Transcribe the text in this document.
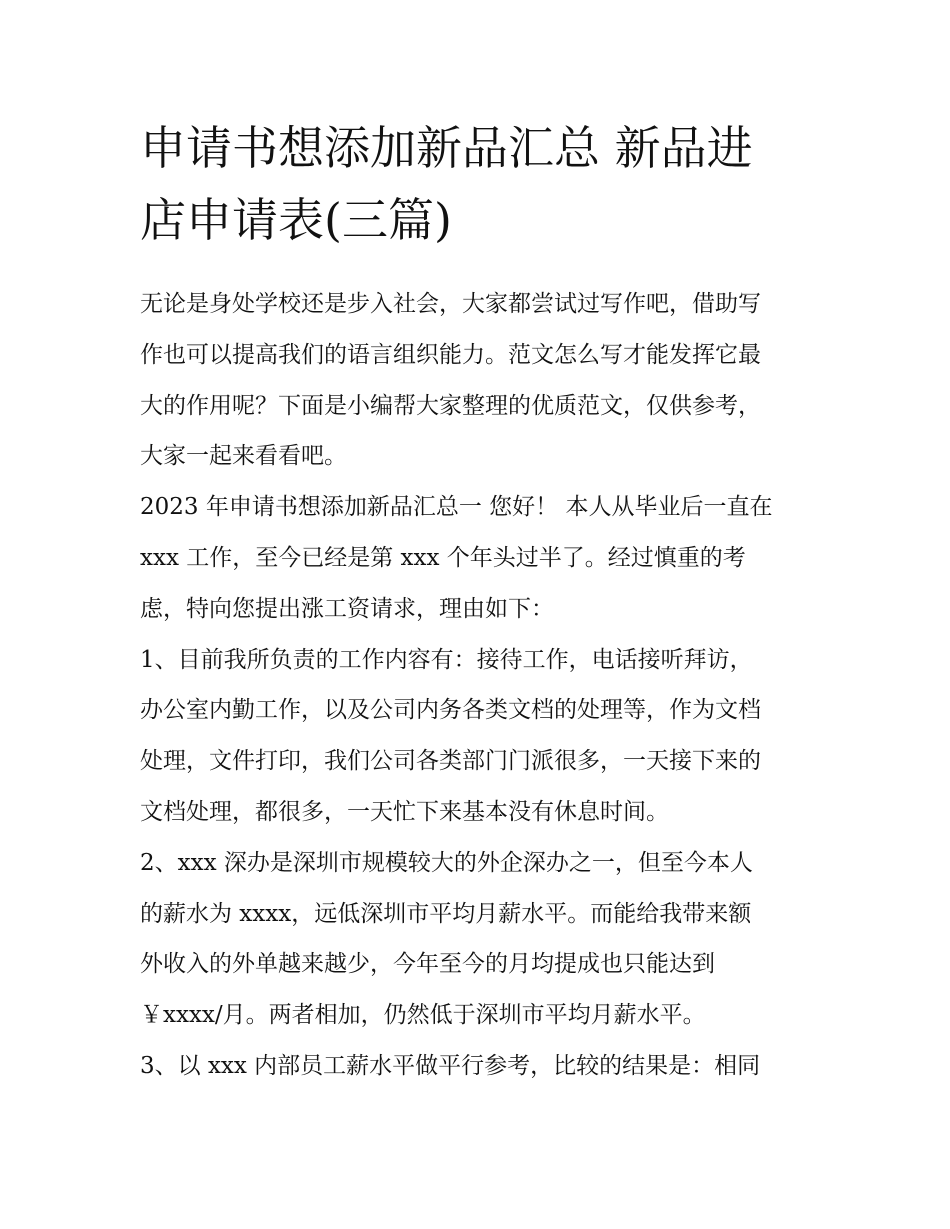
申请书想添加新品汇总 新品进
店申请表(三篇)
无论是身处学校还是步入社会，大家都尝试过写作吧，借助写
作也可以提高我们的语言组织能力。范文怎么写才能发挥它最
大的作用呢？下面是小编帮大家整理的优质范文，仅供参考，
大家一起来看看吧。
2023 年申请书想添加新品汇总一 您好！ 本人从毕业后一直在
xxx 工作，至今已经是第 xxx 个年头过半了。经过慎重的考
虑，特向您提出涨工资请求，理由如下：
1、目前我所负责的工作内容有：接待工作，电话接听拜访，
办公室内勤工作，以及公司内务各类文档的处理等，作为文档
处理，文件打印，我们公司各类部门门派很多，一天接下来的
文档处理，都很多，一天忙下来基本没有休息时间。
2、xxx 深办是深圳市规模较大的外企深办之一，但至今本人
的薪水为 xxxx，远低深圳市平均月薪水平。而能给我带来额
外收入的外单越来越少，今年至今的月均提成也只能达到
￥xxxx/月。两者相加，仍然低于深圳市平均月薪水平。
3、以 xxx 内部员工薪水平做平行参考，比较的结果是：相同
